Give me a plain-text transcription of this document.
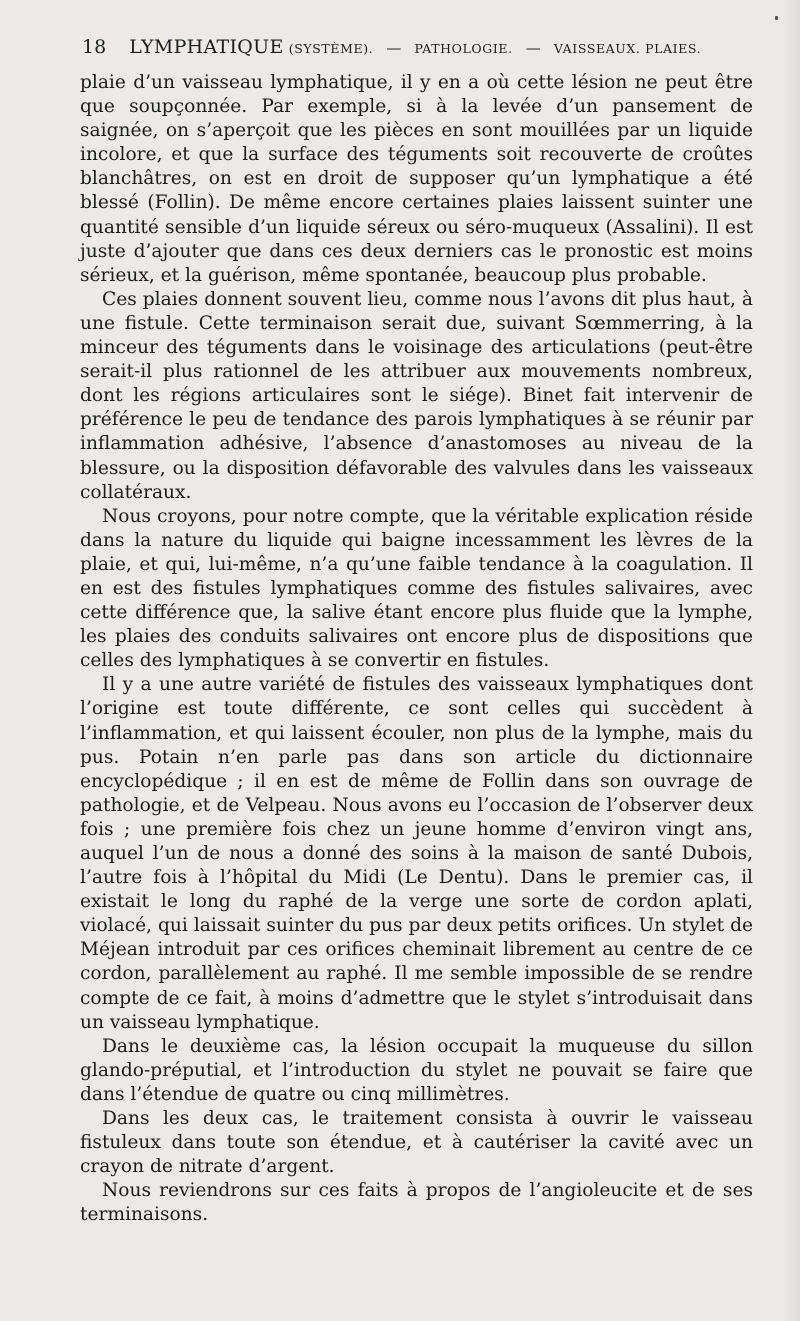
18 LYMPHATIQUE (SYSTÈME). — PATHOLOGIE. — VAISSEAUX. PLAIES.

plaie d’un vaisseau lymphatique, il y en a où cette lésion ne peut être que soupçonnée. Par exemple, si à la levée d’un pansement de saignée, on s’aperçoit que les pièces en sont mouillées par un liquide incolore, et que la surface des téguments soit recouverte de croûtes blanchâtres, on est en droit de supposer qu’un lymphatique a été blessé (Follin). De même encore certaines plaies laissent suinter une quantité sensible d’un liquide séreux ou séro-muqueux (Assalini). Il est juste d’ajouter que dans ces deux derniers cas le pronostic est moins sérieux, et la guérison, même spontanée, beaucoup plus probable.

Ces plaies donnent souvent lieu, comme nous l’avons dit plus haut, à une fistule. Cette terminaison serait due, suivant Sœmmerring, à la minceur des téguments dans le voisinage des articulations (peut-être serait-il plus rationnel de les attribuer aux mouvements nombreux, dont les régions articulaires sont le siége). Binet fait intervenir de préférence le peu de tendance des parois lymphatiques à se réunir par inflammation adhésive, l’absence d’anastomoses au niveau de la blessure, ou la disposition défavorable des valvules dans les vaisseaux collatéraux.

Nous croyons, pour notre compte, que la véritable explication réside dans la nature du liquide qui baigne incessamment les lèvres de la plaie, et qui, lui-même, n’a qu’une faible tendance à la coagulation. Il en est des fistules lymphatiques comme des fistules salivaires, avec cette différence que, la salive étant encore plus fluide que la lymphe, les plaies des conduits salivaires ont encore plus de dispositions que celles des lymphatiques à se convertir en fistules.

Il y a une autre variété de fistules des vaisseaux lymphatiques dont l’origine est toute différente, ce sont celles qui succèdent à l’inflammation, et qui laissent écouler, non plus de la lymphe, mais du pus. Potain n’en parle pas dans son article du dictionnaire encyclopédique ; il en est de même de Follin dans son ouvrage de pathologie, et de Velpeau. Nous avons eu l’occasion de l’observer deux fois ; une première fois chez un jeune homme d’environ vingt ans, auquel l’un de nous a donné des soins à la maison de santé Dubois, l’autre fois à l’hôpital du Midi (Le Dentu). Dans le premier cas, il existait le long du raphé de la verge une sorte de cordon aplati, violacé, qui laissait suinter du pus par deux petits orifices. Un stylet de Méjean introduit par ces orifices cheminait librement au centre de ce cordon, parallèlement au raphé. Il me semble impossible de se rendre compte de ce fait, à moins d’admettre que le stylet s’introduisait dans un vaisseau lymphatique.

Dans le deuxième cas, la lésion occupait la muqueuse du sillon glando-préputial, et l’introduction du stylet ne pouvait se faire que dans l’étendue de quatre ou cinq millimètres.

Dans les deux cas, le traitement consista à ouvrir le vaisseau fistuleux dans toute son étendue, et à cautériser la cavité avec un crayon de nitrate d’argent.

Nous reviendrons sur ces faits à propos de l’angioleucite et de ses terminaisons.
